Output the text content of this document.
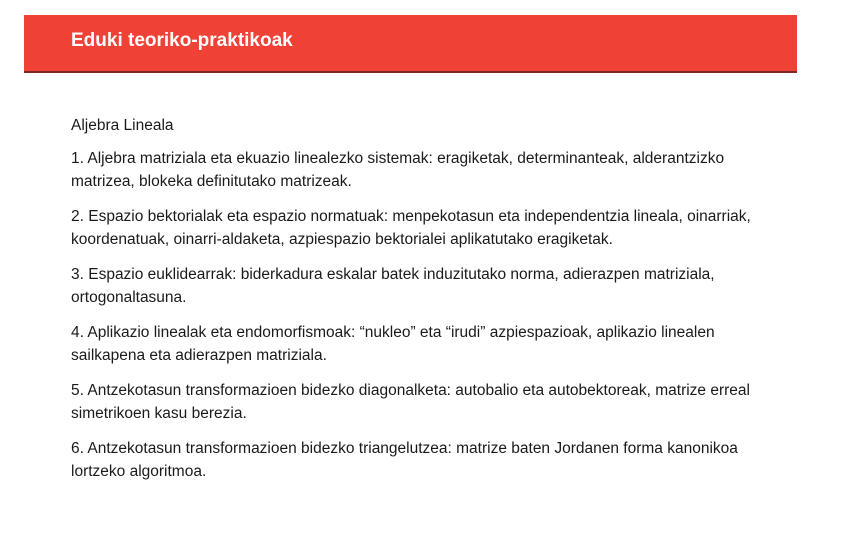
Eduki teoriko-praktikoak

Aljebra Lineala

1. Aljebra matriziala eta ekuazio linealezko sistemak: eragiketak, determinanteak, alderantzizko matrizea, blokeka definitutako matrizeak.

2. Espazio bektorialak eta espazio normatuak: menpekotasun eta independentzia lineala, oinarriak, koordenatuak, oinarri-aldaketa, azpiespazio bektorialei aplikatutako eragiketak.

3. Espazio euklidearrak: biderkadura eskalar batek induzitutako norma, adierazpen matriziala, ortogonaltasuna.

4. Aplikazio linealak eta endomorfismoak: “nukleo” eta “irudi” azpiespazioak, aplikazio linealen sailkapena eta adierazpen matriziala.

5. Antzekotasun transformazioen bidezko diagonalketa: autobalio eta autobektoreak, matrize erreal simetrikoen kasu berezia.

6. Antzekotasun transformazioen bidezko triangelutzea: matrize baten Jordanen forma kanonikoa lortzeko algoritmoa.
